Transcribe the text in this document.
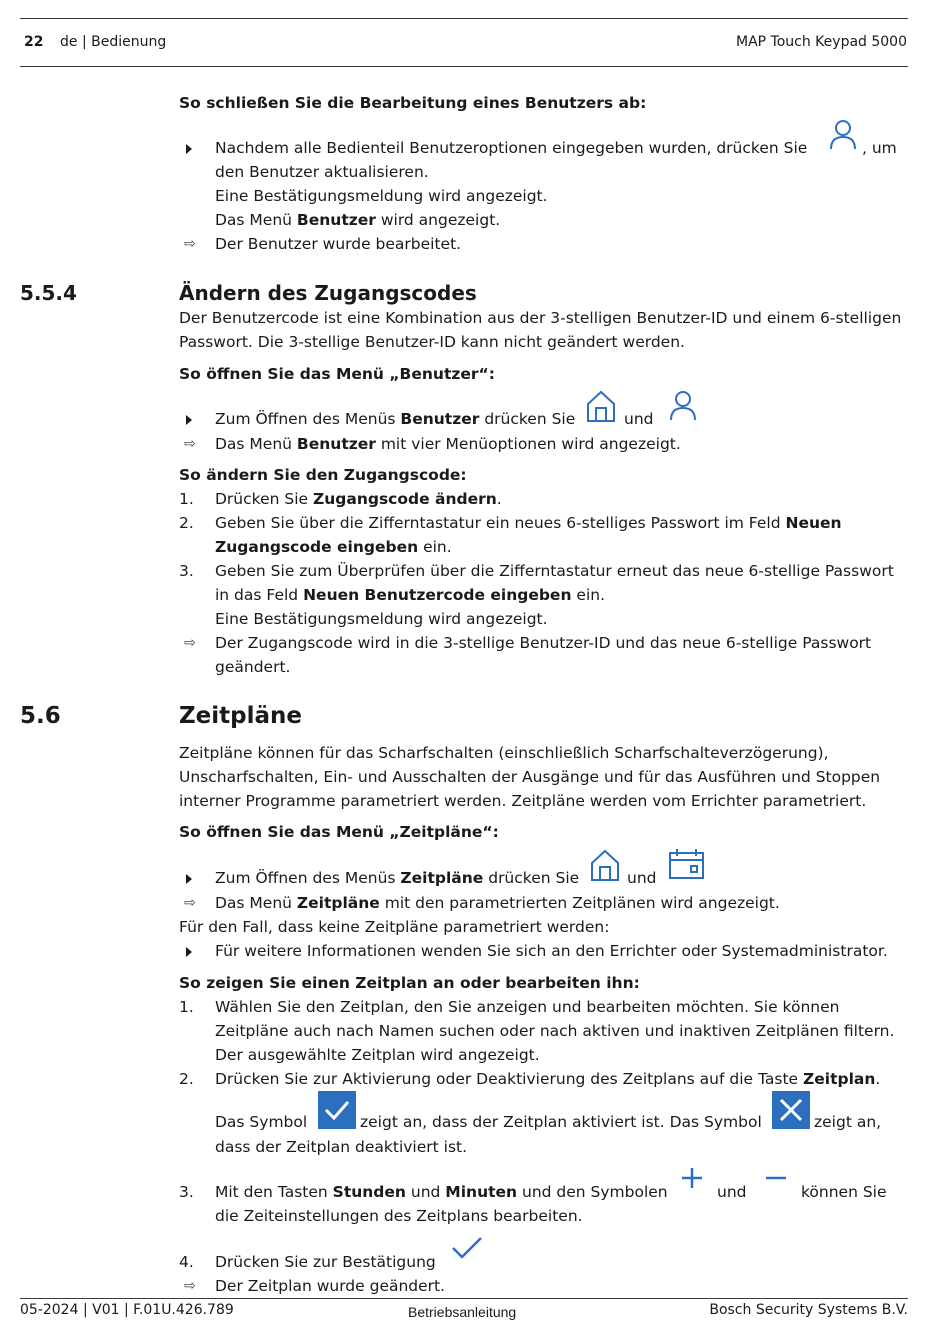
22 de | Bedienung	MAP Touch Keypad 5000
So schließen Sie die Bearbeitung eines Benutzers ab:
Nachdem alle Bedienteil Benutzeroptionen eingegeben wurden, drücken Sie	, um
den Benutzer aktualisieren.
Eine Bestätigungsmeldung wird angezeigt.
Das Menü Benutzer wird angezeigt.
⇨ Der Benutzer wurde bearbeitet.
5.5.4	Ändern des Zugangscodes
Der Benutzercode ist eine Kombination aus der 3-stelligen Benutzer-ID und einem 6-stelligen
Passwort. Die 3-stellige Benutzer-ID kann nicht geändert werden.
So öffnen Sie das Menü „Benutzer“:
Zum Öffnen des Menüs Benutzer drücken Sie	und
⇨ Das Menü Benutzer mit vier Menüoptionen wird angezeigt.
So ändern Sie den Zugangscode:
1. Drücken Sie Zugangscode ändern.
2. Geben Sie über die Zifferntastatur ein neues 6-stelliges Passwort im Feld Neuen
Zugangscode eingeben ein.
3. Geben Sie zum Überprüfen über die Zifferntastatur erneut das neue 6-stellige Passwort
in das Feld Neuen Benutzercode eingeben ein.
Eine Bestätigungsmeldung wird angezeigt.
⇨ Der Zugangscode wird in die 3-stellige Benutzer-ID und das neue 6-stellige Passwort
geändert.
5.6	Zeitpläne
Zeitpläne können für das Scharfschalten (einschließlich Scharfschalteverzögerung),
Unscharfschalten, Ein- und Ausschalten der Ausgänge und für das Ausführen und Stoppen
interner Programme parametriert werden. Zeitpläne werden vom Errichter parametriert.
So öffnen Sie das Menü „Zeitpläne“:
Zum Öffnen des Menüs Zeitpläne drücken Sie	und
⇨ Das Menü Zeitpläne mit den parametrierten Zeitplänen wird angezeigt.
Für den Fall, dass keine Zeitpläne parametriert werden:
Für weitere Informationen wenden Sie sich an den Errichter oder Systemadministrator.
So zeigen Sie einen Zeitplan an oder bearbeiten ihn:
1. Wählen Sie den Zeitplan, den Sie anzeigen und bearbeiten möchten. Sie können
Zeitpläne auch nach Namen suchen oder nach aktiven und inaktiven Zeitplänen filtern.
Der ausgewählte Zeitplan wird angezeigt.
2. Drücken Sie zur Aktivierung oder Deaktivierung des Zeitplans auf die Taste Zeitplan.
Das Symbol	zeigt an, dass der Zeitplan aktiviert ist. Das Symbol	zeigt an,
dass der Zeitplan deaktiviert ist.
3. Mit den Tasten Stunden und Minuten und den Symbolen	und	können Sie
die Zeiteinstellungen des Zeitplans bearbeiten.
4. Drücken Sie zur Bestätigung
⇨ Der Zeitplan wurde geändert.
05-2024 | V01 | F.01U.426.789	Betriebsanleitung	Bosch Security Systems B.V.
